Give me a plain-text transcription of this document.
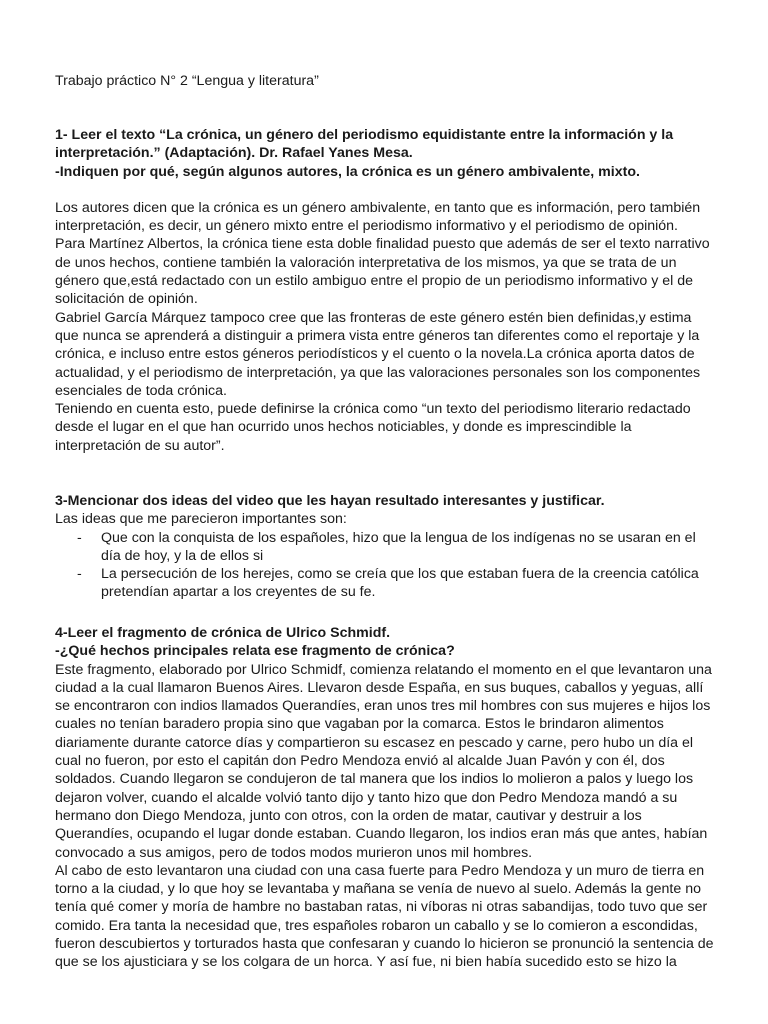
Trabajo práctico N° 2 “Lengua y literatura”

1- Leer el texto “La crónica, un género del periodismo equidistante entre la información y la interpretación.” (Adaptación). Dr. Rafael Yanes Mesa.

-Indiquen por qué, según algunos autores, la crónica es un género ambivalente, mixto.

Los autores dicen que la crónica es un género ambivalente, en tanto que es información, pero también interpretación, es decir, un género mixto entre el periodismo informativo y el periodismo de opinión.

Para Martínez Albertos, la crónica tiene esta doble finalidad puesto que además de ser el texto narrativo de unos hechos, contiene también la valoración interpretativa de los mismos, ya que se trata de un género que,está redactado con un estilo ambiguo entre el propio de un periodismo informativo y el de solicitación de opinión.

Gabriel García Márquez tampoco cree que las fronteras de este género estén bien definidas,y estima que nunca se aprenderá a distinguir a primera vista entre géneros tan diferentes como el reportaje y la crónica, e incluso entre estos géneros periodísticos y el cuento o la novela.La crónica aporta datos de actualidad, y el periodismo de interpretación, ya que las valoraciones personales son los componentes esenciales de toda crónica.

Teniendo en cuenta esto, puede definirse la crónica como “un texto del periodismo literario redactado desde el lugar en el que han ocurrido unos hechos noticiables, y donde es imprescindible la interpretación de su autor”.

3-Mencionar dos ideas del video que les hayan resultado interesantes y justificar.

Las ideas que me parecieron importantes son:

- Que con la conquista de los españoles, hizo que la lengua de los indígenas no se usaran en el día de hoy, y la de ellos si
- La persecución de los herejes, como se creía que los que estaban fuera de la creencia católica pretendían apartar a los creyentes de su fe.

4-Leer el fragmento de crónica de Ulrico Schmidf.

-¿Qué hechos principales relata ese fragmento de crónica?

Este fragmento, elaborado por Ulrico Schmidf, comienza relatando el momento en el que levantaron una ciudad a la cual llamaron Buenos Aires. Llevaron desde España, en sus buques, caballos y yeguas, allí se encontraron con indios llamados Querandíes, eran unos tres mil hombres con sus mujeres e hijos los cuales no tenían baradero propia sino que vagaban por la comarca. Estos le brindaron alimentos diariamente durante catorce días y compartieron su escasez en pescado y carne, pero hubo un día el cual no fueron, por esto el capitán don Pedro Mendoza envió al alcalde Juan Pavón y con él, dos soldados. Cuando llegaron se condujeron de tal manera que los indios lo molieron a palos y luego los dejaron volver, cuando el alcalde volvió tanto dijo y tanto hizo que don Pedro Mendoza mandó a su hermano don Diego Mendoza, junto con otros, con la orden de matar, cautivar y destruir a los Querandíes, ocupando el lugar donde estaban. Cuando llegaron, los indios eran más que antes, habían convocado a sus amigos, pero de todos modos murieron unos mil hombres.

Al cabo de esto levantaron una ciudad con una casa fuerte para Pedro Mendoza y un muro de tierra en torno a la ciudad, y lo que hoy se levantaba y mañana se venía de nuevo al suelo. Además la gente no tenía qué comer y moría de hambre no bastaban ratas, ni víboras ni otras sabandijas, todo tuvo que ser comido. Era tanta la necesidad que, tres españoles robaron un caballo y se lo comieron a escondidas, fueron descubiertos y torturados hasta que confesaran y cuando lo hicieron se pronunció la sentencia de que se los ajusticiara y se los colgara de un horca. Y así fue, ni bien había sucedido esto se hizo la
